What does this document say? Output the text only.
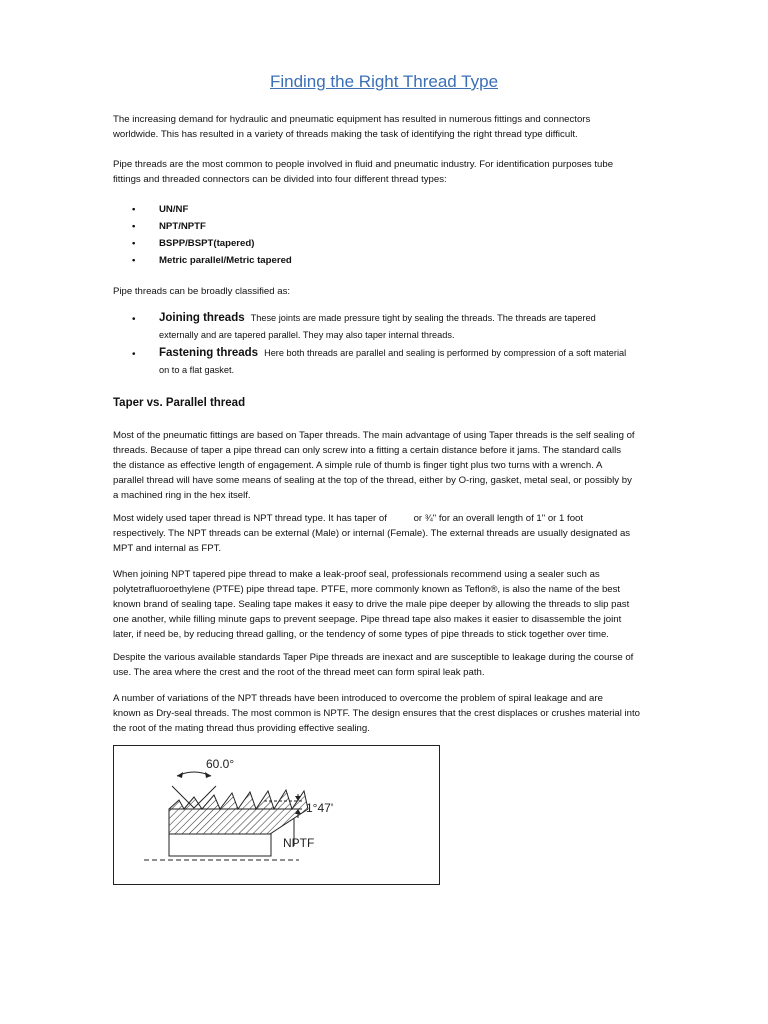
Finding the Right Thread Type

The increasing demand for hydraulic and pneumatic equipment has resulted in numerous fittings and connectors
worldwide. This has resulted in a variety of threads making the task of identifying the right thread type difficult.

Pipe threads are the most common to people involved in fluid and pneumatic industry. For identification purposes tube
fittings and threaded connectors can be divided into four different thread types:

• UN/NF
• NPT/NPTF
• BSPP/BSPT(tapered)
• Metric parallel/Metric tapered

Pipe threads can be broadly classified as:

• Joining threads These joints are made pressure tight by sealing the threads. The threads are tapered
externally and are tapered parallel. They may also taper internal threads.
• Fastening threads Here both threads are parallel and sealing is performed by compression of a soft material
on to a flat gasket.
Taper vs. Parallel thread

Most of the pneumatic fittings are based on Taper threads. The main advantage of using Taper threads is the self sealing of
threads. Because of taper a pipe thread can only screw into a fitting a certain distance before it jams. The standard calls
the distance as effective length of engagement. A simple rule of thumb is finger tight plus two turns with a wrench. A
parallel thread will have some means of sealing at the top of the thread, either by O-ring, gasket, metal seal, or possibly by
a machined ring in the hex itself.

Most widely used taper thread is NPT thread type. It has taper of          or ¾" for an overall length of 1" or 1 foot
respectively. The NPT threads can be external (Male) or internal (Female). The external threads are usually designated as
MPT and internal as FPT.

When joining NPT tapered pipe thread to make a leak-proof seal, professionals recommend using a sealer such as
polytetrafluoroethylene (PTFE) pipe thread tape. PTFE, more commonly known as Teflon®, is also the name of the best
known brand of sealing tape. Sealing tape makes it easy to drive the male pipe deeper by allowing the threads to slip past
one another, while filling minute gaps to prevent seepage. Pipe thread tape also makes it easier to disassemble the joint
later, if need be, by reducing thread galling, or the tendency of some types of pipe threads to stick together over time.

Despite the various available standards Taper Pipe threads are inexact and are susceptible to leakage during the course of
use. The area where the crest and the root of the thread meet can form spiral leak path.

A number of variations of the NPT threads have been introduced to overcome the problem of spiral leakage and are
known as Dry-seal threads. The most common is NPTF. The design ensures that the crest displaces or crushes material into
the root of the mating thread thus providing effective sealing.

60.0°
1°47'
NPTF
